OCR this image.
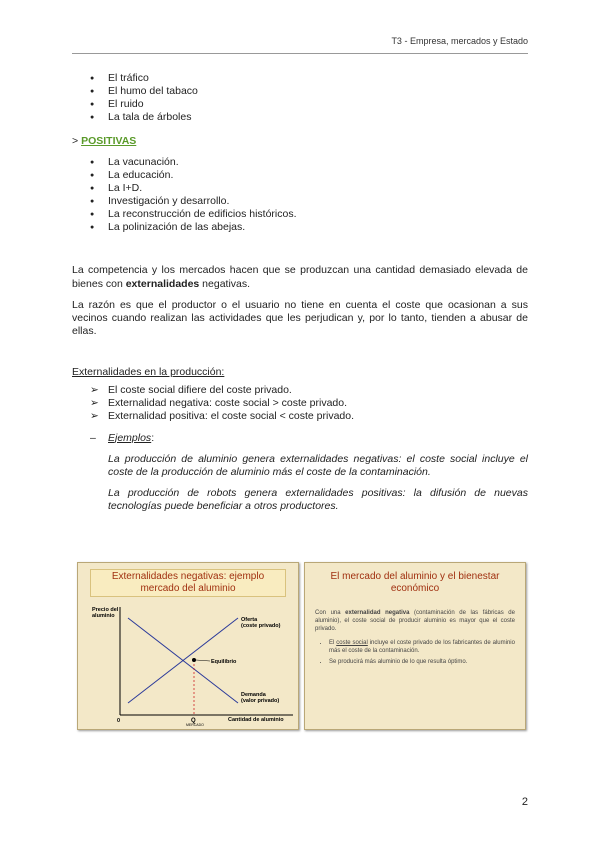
T3 - Empresa, mercados y Estado
● El tráfico
● El humo del tabaco
● El ruido
● La tala de árboles
> POSITIVAS
● La vacunación.
● La educación.
● La I+D.
● Investigación y desarrollo.
● La reconstrucción de edificios históricos.
● La polinización de las abejas.

La competencia y los mercados hacen que se produzcan una cantidad demasiado elevada de bienes con externalidades negativas.

La razón es que el productor o el usuario no tiene en cuenta el coste que ocasionan a sus vecinos cuando realizan las actividades que les perjudican y, por lo tanto, tienden a abusar de ellas.

Externalidades en la producción:
➢ El coste social difiere del coste privado.
➢ Externalidad negativa: coste social > coste privado.
➢ Externalidad positiva: el coste social < coste privado.
– Ejemplos:
La producción de aluminio genera externalidades negativas: el coste social incluye el coste de la producción de aluminio más el coste de la contaminación.
La producción de robots genera externalidades positivas: la difusión de nuevas tecnologías puede beneficiar a otros productores.
Externalidades negativas: ejemplo mercado del aluminio
Precio del
aluminio
Oferta
(coste privado)
Equilibrio
Demanda
(valor privado)
0	Q
MERCADO
Cantidad de aluminio
El mercado del aluminio y el bienestar económico

Con una externalidad negativa (contaminación de las fábricas de aluminio), el coste social de producir aluminio es mayor que el coste privado.

• El coste social incluye el coste privado de los fabricantes de aluminio más el coste de la contaminación.
• Se producirá más aluminio de lo que resulta óptimo.
2
